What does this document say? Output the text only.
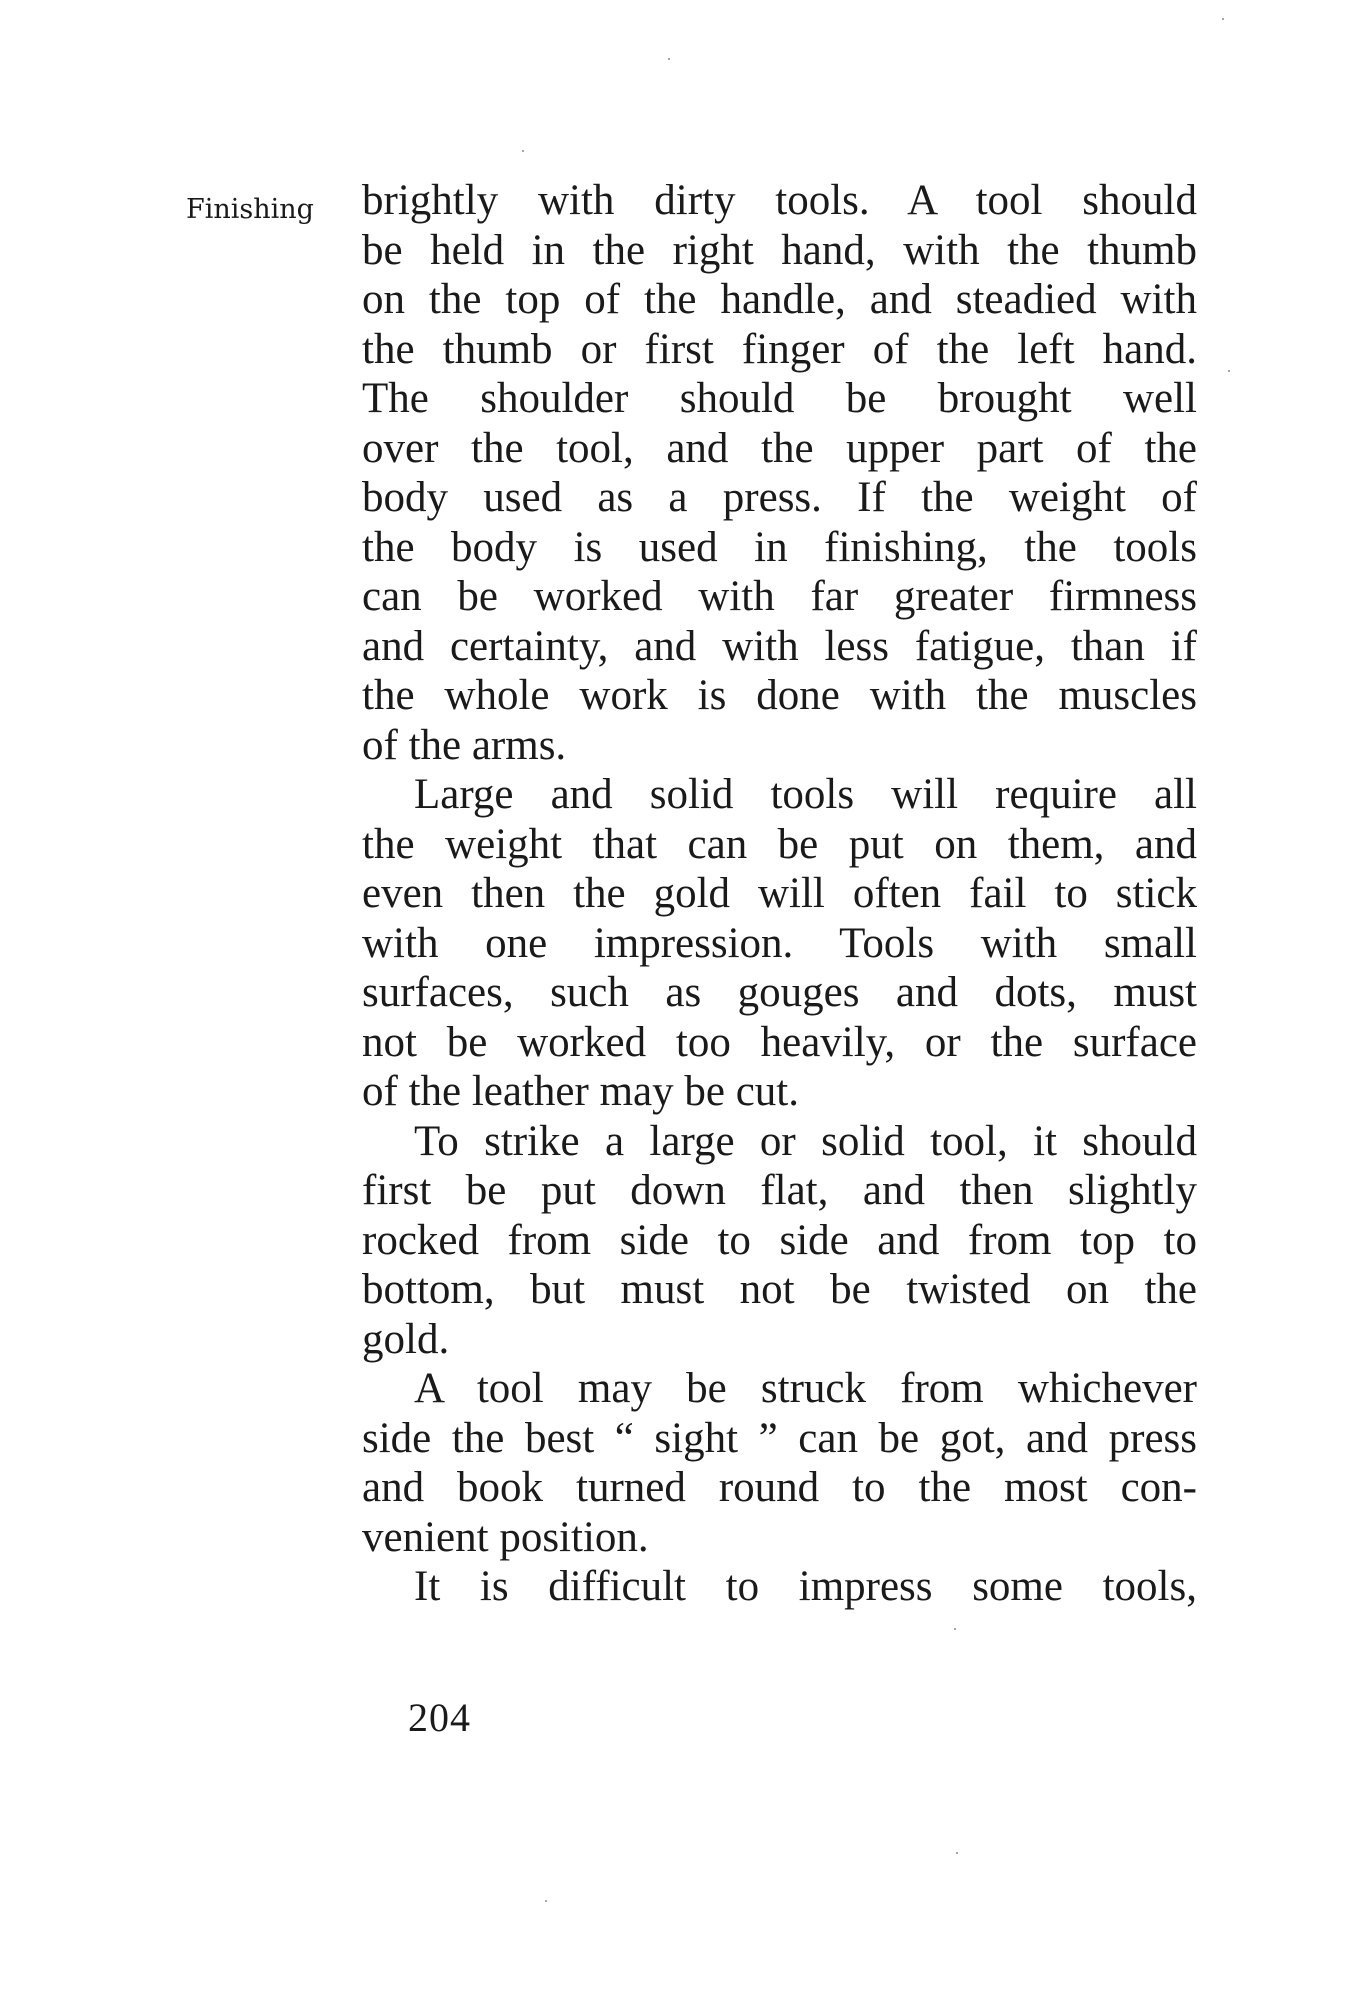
Finishing brightly with dirty tools. A tool should
be held in the right hand, with the thumb
on the top of the handle, and steadied with
the thumb or first finger of the left hand.
The shoulder should be brought well
over the tool, and the upper part of the
body used as a press. If the weight of
the body is used in finishing, the tools
can be worked with far greater firmness
and certainty, and with less fatigue, than if
the whole work is done with the muscles
of the arms.
Large and solid tools will require all
the weight that can be put on them, and
even then the gold will often fail to stick
with one impression. Tools with small
surfaces, such as gouges and dots, must
not be worked too heavily, or the surface
of the leather may be cut.
To strike a large or solid tool, it should
first be put down flat, and then slightly
rocked from side to side and from top to
bottom, but must not be twisted on the
gold.
A tool may be struck from whichever
side the best “ sight ” can be got, and press
and book turned round to the most con-
venient position.
It is difficult to impress some tools,
204
